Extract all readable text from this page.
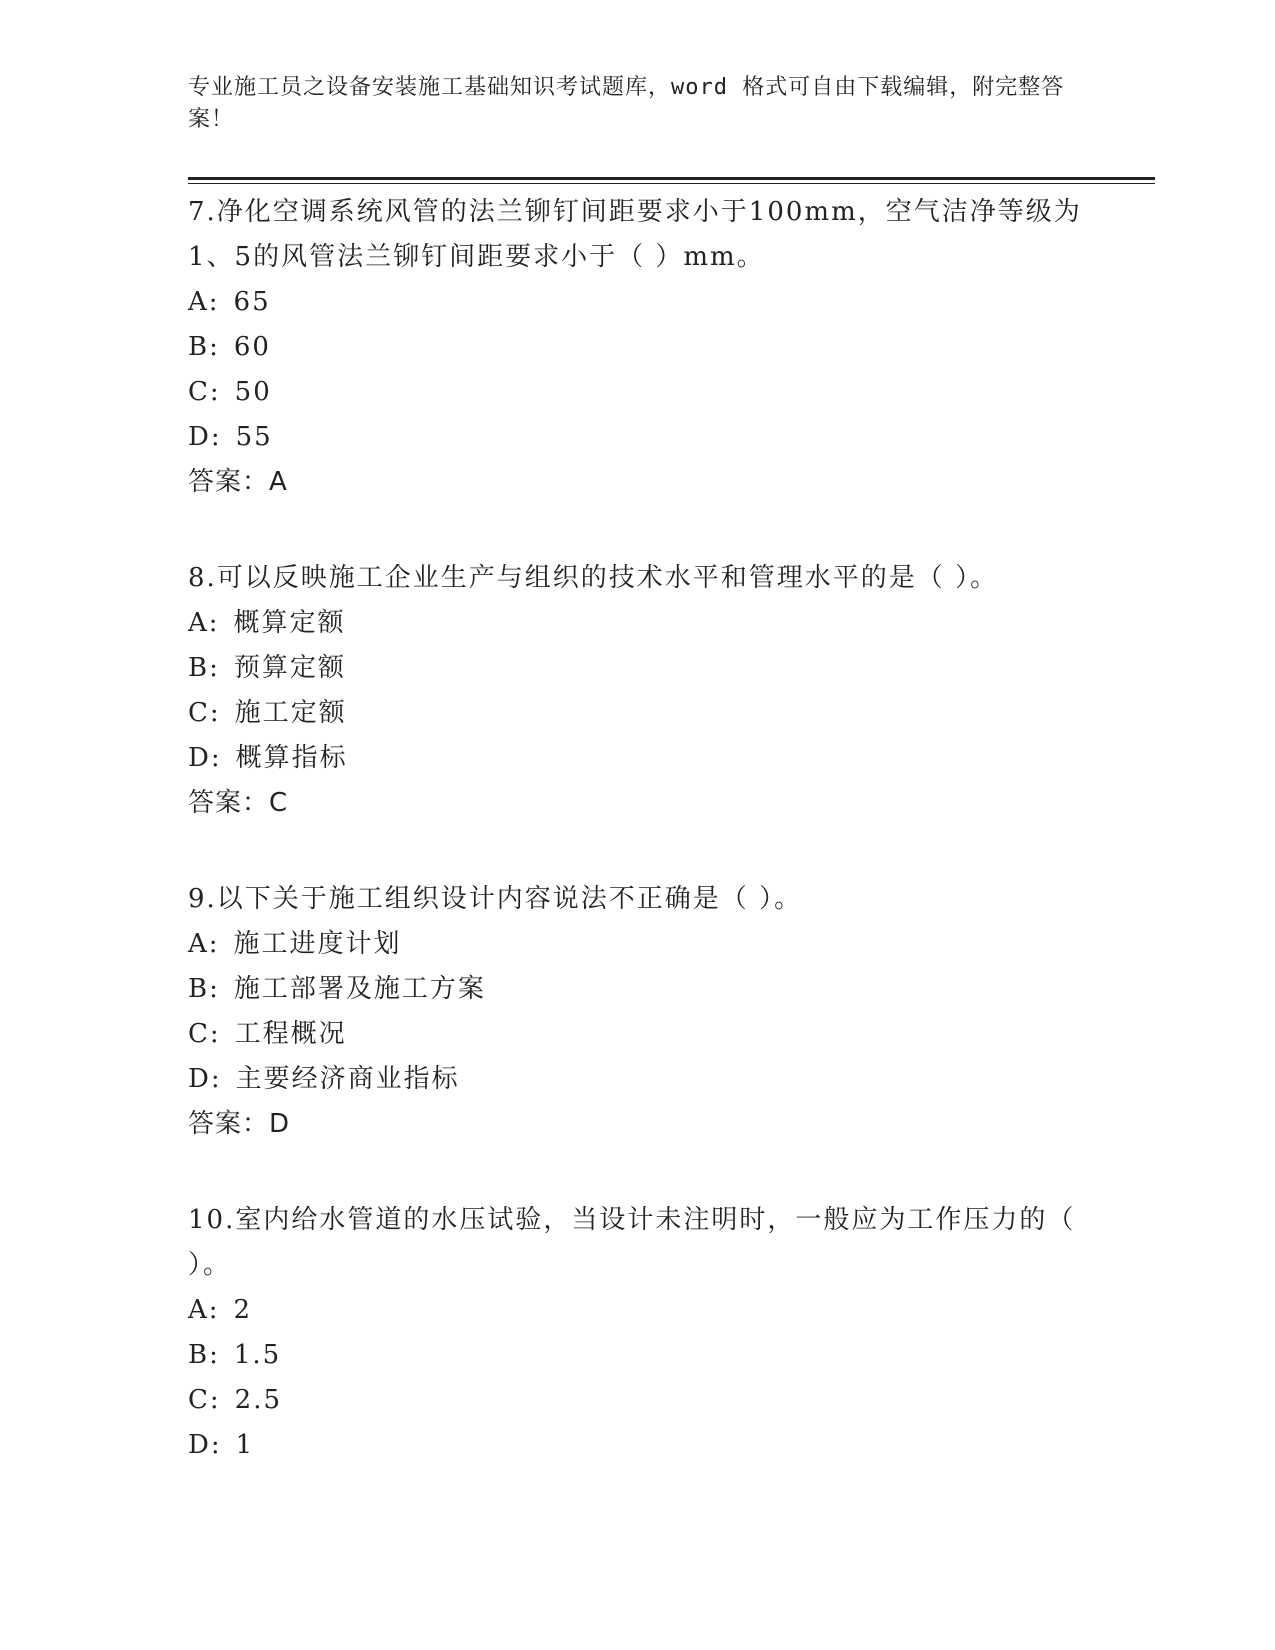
专业施工员之设备安装施工基础知识考试题库，word 格式可自由下载编辑，附完整答案！

7.净化空调系统风管的法兰铆钉间距要求小于100mm，空气洁净等级为1、5的风管法兰铆钉间距要求小于（ ）mm。

A: 65
B: 60
C: 50
D: 55
答案：A

8.可以反映施工企业生产与组织的技术水平和管理水平的是（ ）。

A: 概算定额
B: 预算定额
C: 施工定额
D: 概算指标
答案：C

9.以下关于施工组织设计内容说法不正确是（ ）。

A: 施工进度计划
B: 施工部署及施工方案
C: 工程概况
D: 主要经济商业指标
答案：D

10.室内给水管道的水压试验，当设计未注明时，一般应为工作压力的（ ）。

A: 2
B: 1.5
C: 2.5
D: 1
